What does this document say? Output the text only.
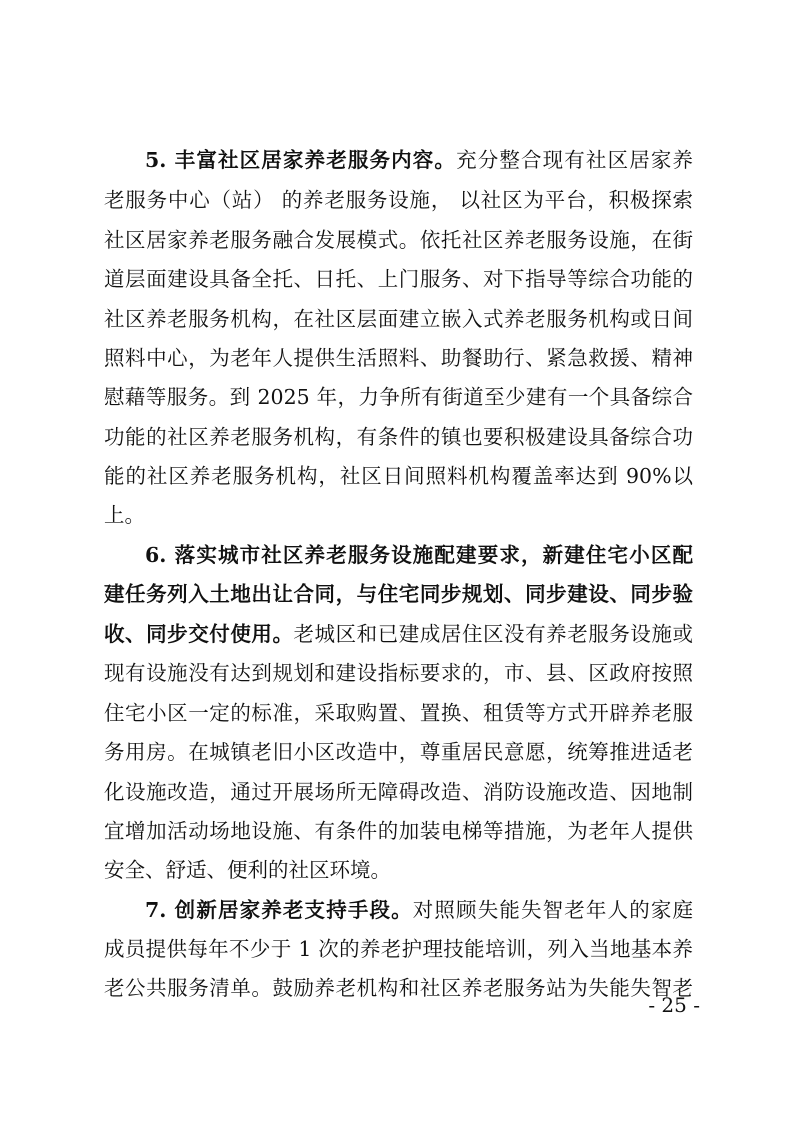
5. 丰富社区居家养老服务内容。充分整合现有社区居家养
老服务中心（站） 的养老服务设施， 以社区为平台，积极探索
社区居家养老服务融合发展模式。依托社区养老服务设施，在街
道层面建设具备全托、日托、上门服务、对下指导等综合功能的
社区养老服务机构，在社区层面建立嵌入式养老服务机构或日间
照料中心，为老年人提供生活照料、助餐助行、紧急救援、精神
慰藉等服务。到 2025 年，力争所有街道至少建有一个具备综合
功能的社区养老服务机构，有条件的镇也要积极建设具备综合功
能的社区养老服务机构，社区日间照料机构覆盖率达到 90%以
上。
6. 落实城市社区养老服务设施配建要求，新建住宅小区配
建任务列入土地出让合同，与住宅同步规划、同步建设、同步验
收、同步交付使用。老城区和已建成居住区没有养老服务设施或
现有设施没有达到规划和建设指标要求的，市、县、区政府按照
住宅小区一定的标准，采取购置、置换、租赁等方式开辟养老服
务用房。在城镇老旧小区改造中，尊重居民意愿，统筹推进适老
化设施改造，通过开展场所无障碍改造、消防设施改造、因地制
宜增加活动场地设施、有条件的加装电梯等措施，为老年人提供
安全、舒适、便利的社区环境。
7. 创新居家养老支持手段。对照顾失能失智老年人的家庭
成员提供每年不少于 1 次的养老护理技能培训，列入当地基本养
老公共服务清单。鼓励养老机构和社区养老服务站为失能失智老
- 25 -
